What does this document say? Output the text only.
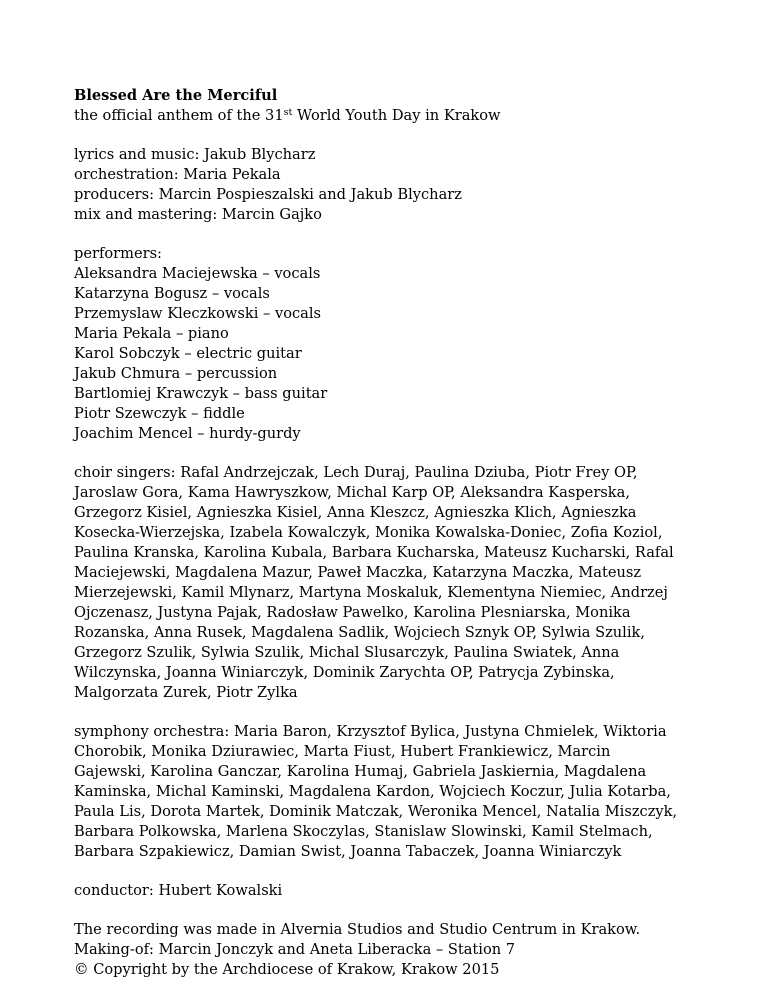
Blessed Are the Merciful
the official anthem of the 31st World Youth Day in Krakow
lyrics and music: Jakub Blycharz
orchestration: Maria Pekala
producers: Marcin Pospieszalski and Jakub Blycharz
mix and mastering: Marcin Gajko
performers:
Aleksandra Maciejewska – vocals
Katarzyna Bogusz – vocals
Przemyslaw Kleczkowski – vocals
Maria Pekala – piano
Karol Sobczyk – electric guitar
Jakub Chmura – percussion
Bartlomiej Krawczyk – bass guitar
Piotr Szewczyk – fiddle
Joachim Mencel – hurdy-gurdy
choir singers: Rafal Andrzejczak, Lech Duraj, Paulina Dziuba, Piotr Frey OP,
Jaroslaw Gora, Kama Hawryszkow, Michal Karp OP, Aleksandra Kasperska,
Grzegorz Kisiel, Agnieszka Kisiel, Anna Kleszcz, Agnieszka Klich, Agnieszka
Kosecka-Wierzejska, Izabela Kowalczyk, Monika Kowalska-Doniec, Zofia Koziol,
Paulina Kranska, Karolina Kubala, Barbara Kucharska, Mateusz Kucharski, Rafal
Maciejewski, Magdalena Mazur, Paweł Maczka, Katarzyna Maczka, Mateusz
Mierzejewski, Kamil Mlynarz, Martyna Moskaluk, Klementyna Niemiec, Andrzej
Ojczenasz, Justyna Pajak, Radosław Pawelko, Karolina Plesniarska, Monika
Rozanska, Anna Rusek, Magdalena Sadlik, Wojciech Sznyk OP, Sylwia Szulik,
Grzegorz Szulik, Sylwia Szulik, Michal Slusarczyk, Paulina Swiatek, Anna
Wilczynska, Joanna Winiarczyk, Dominik Zarychta OP, Patrycja Zybinska,
Malgorzata Zurek, Piotr Zylka
symphony orchestra: Maria Baron, Krzysztof Bylica, Justyna Chmielek, Wiktoria
Chorobik, Monika Dziurawiec, Marta Fiust, Hubert Frankiewicz, Marcin
Gajewski, Karolina Ganczar, Karolina Humaj, Gabriela Jaskiernia, Magdalena
Kaminska, Michal Kaminski, Magdalena Kardon, Wojciech Koczur, Julia Kotarba,
Paula Lis, Dorota Martek, Dominik Matczak, Weronika Mencel, Natalia Miszczyk,
Barbara Polkowska, Marlena Skoczylas, Stanislaw Slowinski, Kamil Stelmach,
Barbara Szpakiewicz, Damian Swist, Joanna Tabaczek, Joanna Winiarczyk
conductor: Hubert Kowalski
The recording was made in Alvernia Studios and Studio Centrum in Krakow.
Making-of: Marcin Jonczyk and Aneta Liberacka – Station 7
© Copyright by the Archdiocese of Krakow, Krakow 2015
